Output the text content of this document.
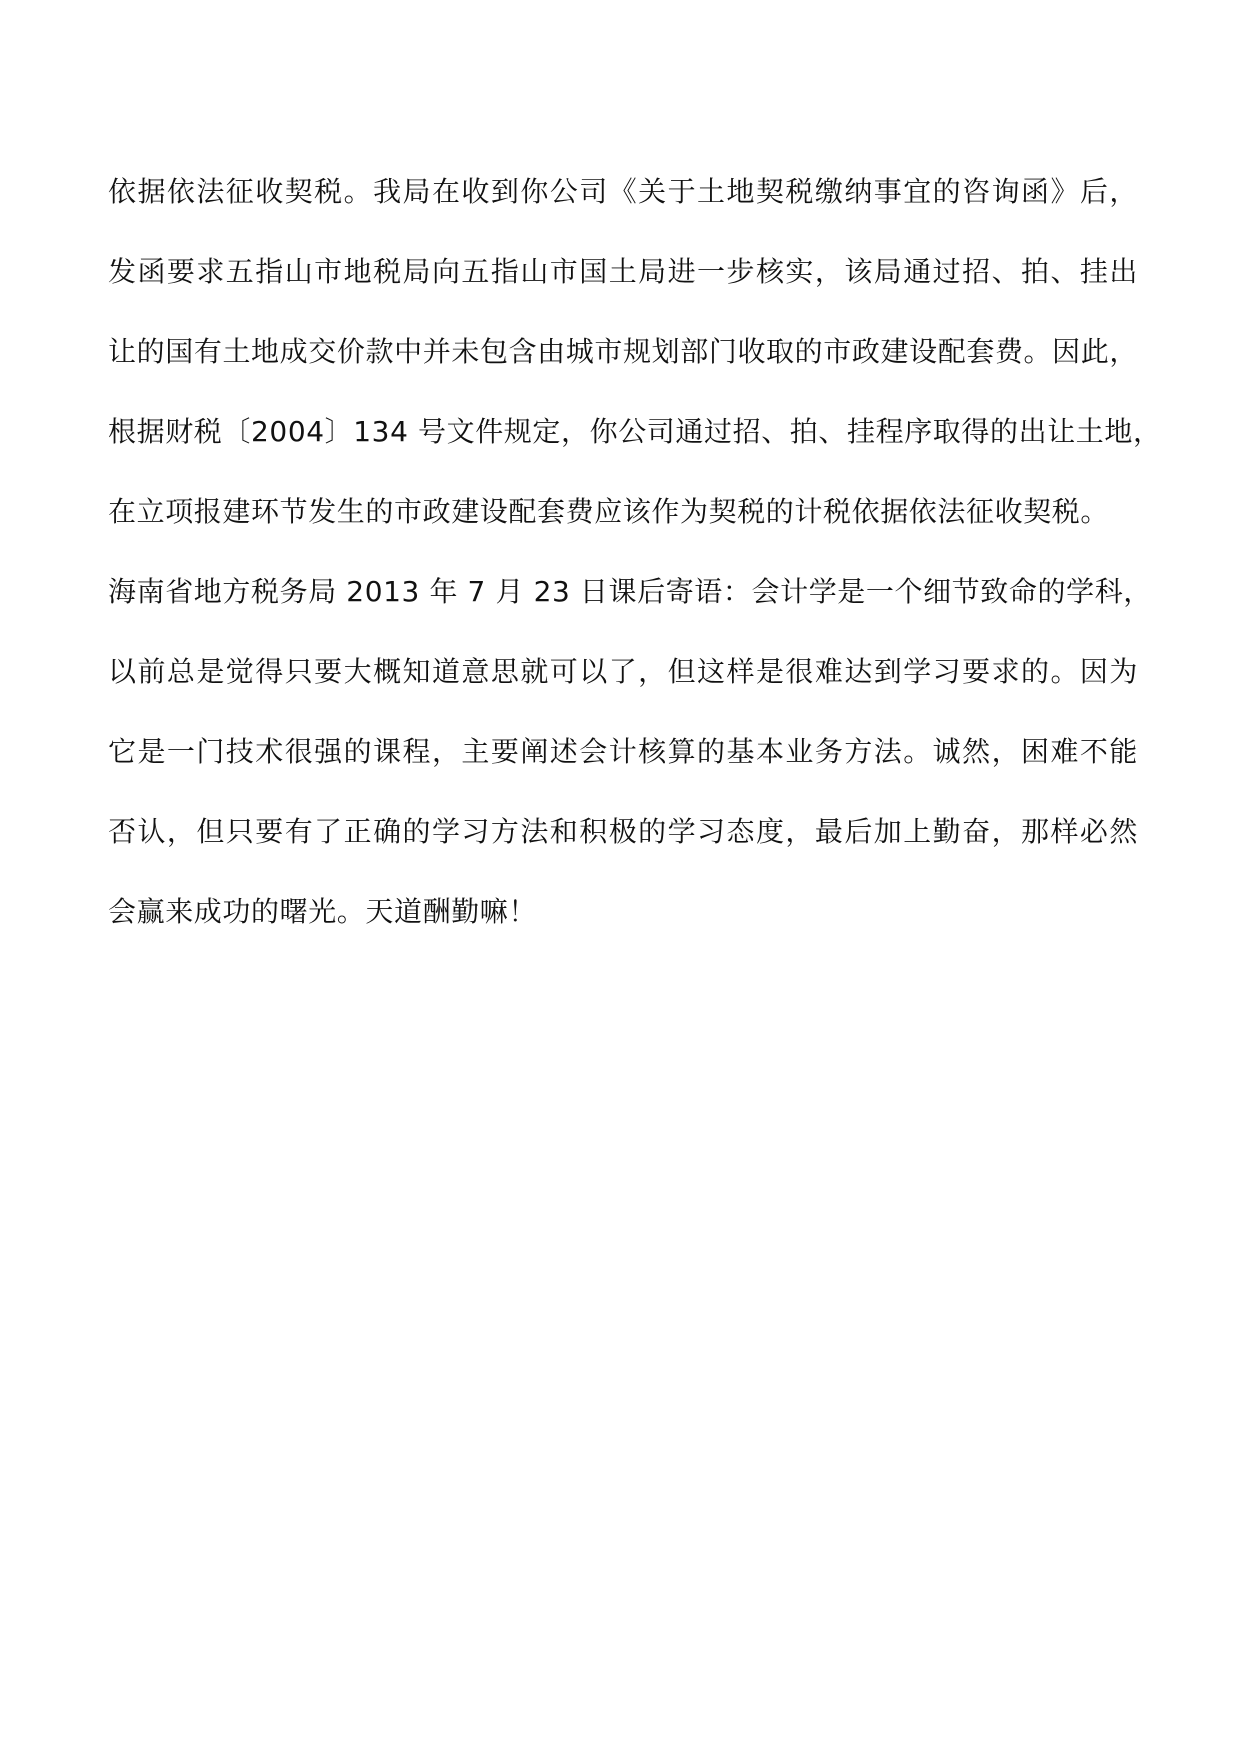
依据依法征收契税。我局在收到你公司《关于土地契税缴纳事宜的咨询函》后，
发函要求五指山市地税局向五指山市国土局进一步核实，该局通过招、拍、挂出
让的国有土地成交价款中并未包含由城市规划部门收取的市政建设配套费。因此，
根据财税〔2004〕134 号文件规定，你公司通过招、拍、挂程序取得的出让土地，
在立项报建环节发生的市政建设配套费应该作为契税的计税依据依法征收契税。
海南省地方税务局 2013 年 7 月 23 日课后寄语：会计学是一个细节致命的学科，
以前总是觉得只要大概知道意思就可以了，但这样是很难达到学习要求的。因为
它是一门技术很强的课程，主要阐述会计核算的基本业务方法。诚然，困难不能
否认，但只要有了正确的学习方法和积极的学习态度，最后加上勤奋，那样必然
会赢来成功的曙光。天道酬勤嘛！
